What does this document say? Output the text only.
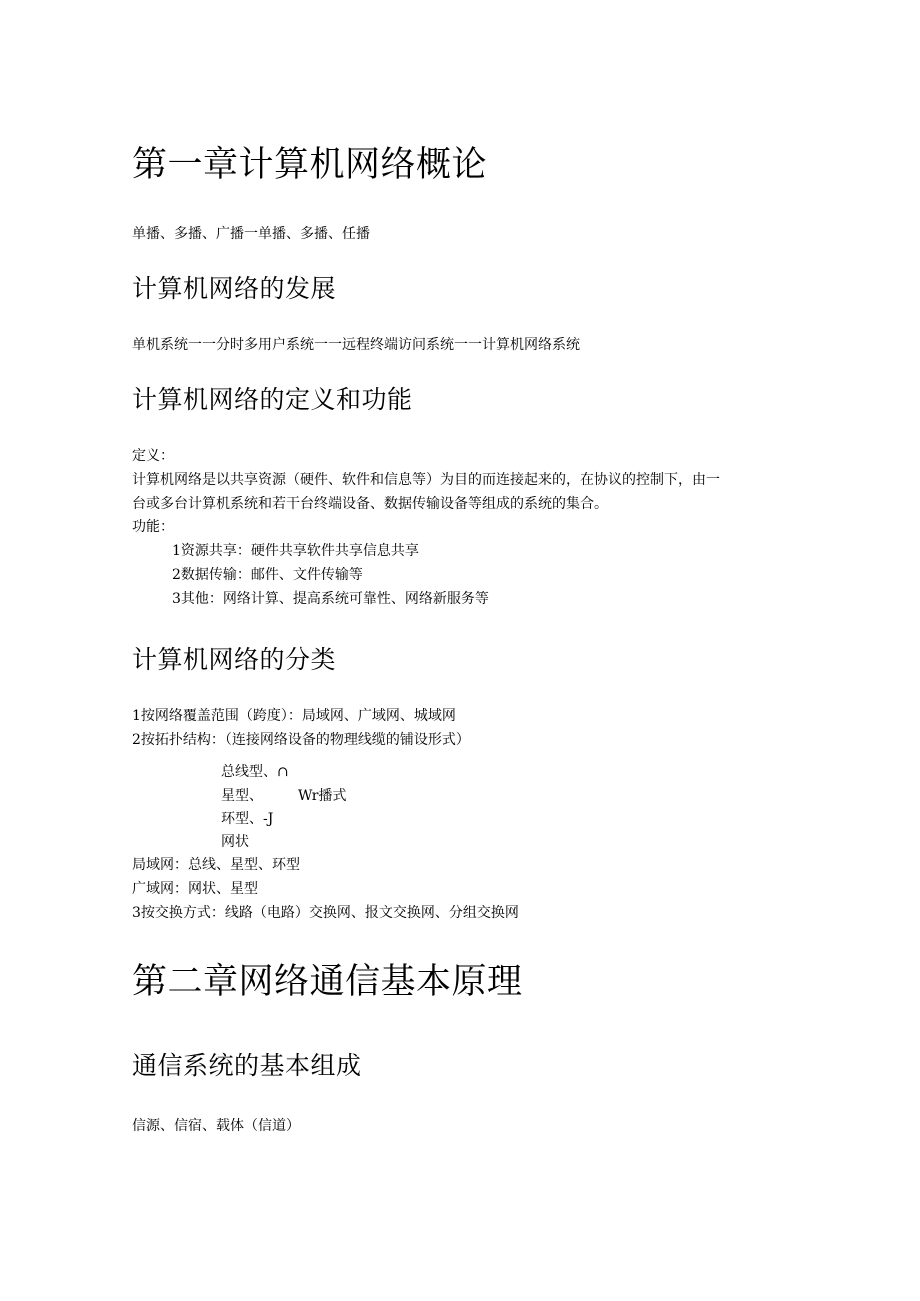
第一章计算机网络概论
单播、多播、广播一单播、多播、任播
计算机网络的发展
单机系统一一分时多用户系统一一远程终端访问系统一一计算机网络系统
计算机网络的定义和功能
定义：
计算机网络是以共享资源（硬件、软件和信息等）为目的而连接起来的，在协议的控制下，由一
台或多台计算机系统和若干台终端设备、数据传输设备等组成的系统的集合。
功能：
1资源共享：硬件共享软件共享信息共享
2数据传输：邮件、文件传输等
3其他：网络计算、提高系统可靠性、网络新服务等
计算机网络的分类
1按网络覆盖范围（跨度）：局域网、广域网、城域网
2按拓扑结构：（连接网络设备的物理线缆的铺设形式）
总线型、∩
星型、	Wr播式
环型、-J
网状
局域网：总线、星型、环型
广域网：网状、星型
3按交换方式：线路（电路）交换网、报文交换网、分组交换网
第二章网络通信基本原理
通信系统的基本组成
信源、信宿、载体（信道）
